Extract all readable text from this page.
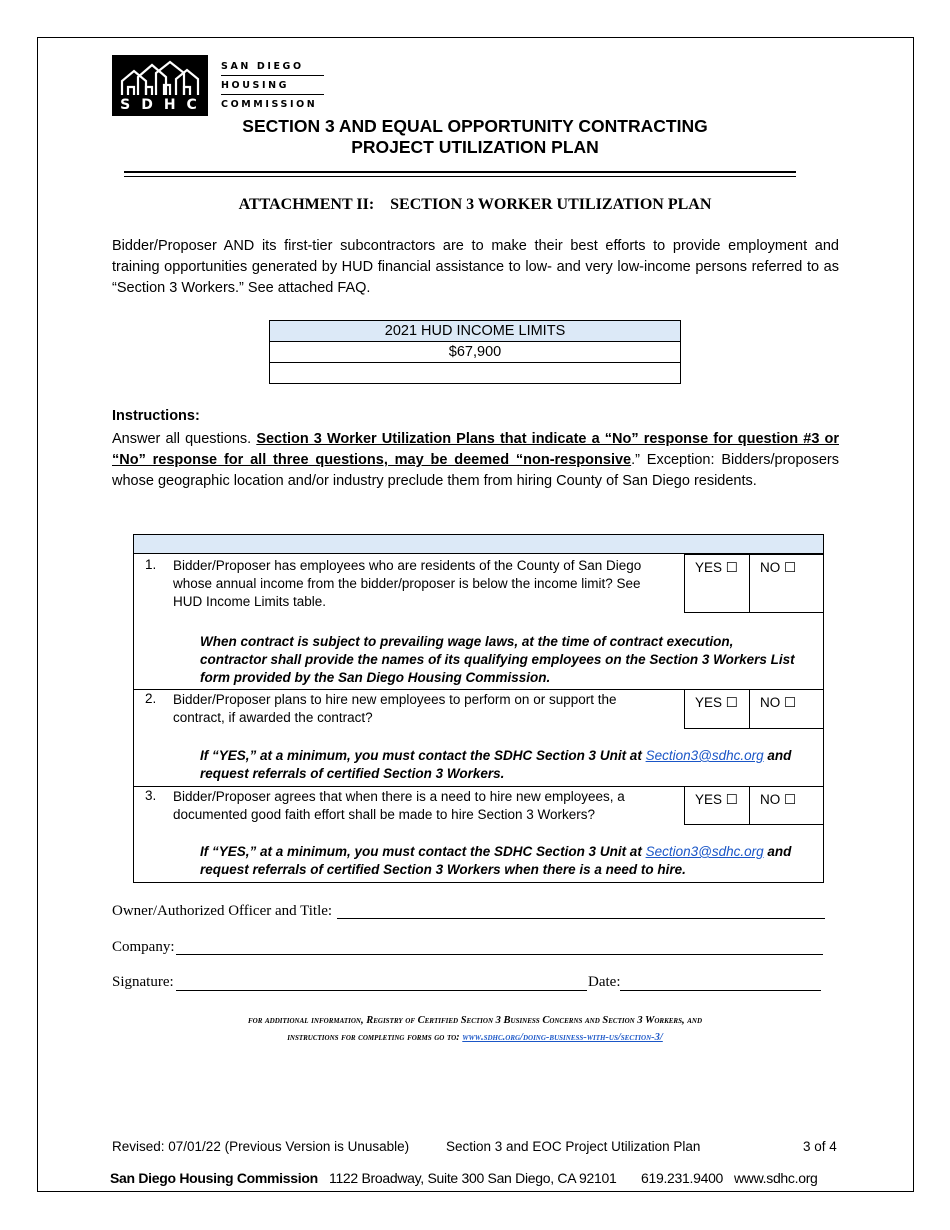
SDHC
SAN DIEGO
HOUSING
COMMISSION
SECTION 3 AND EQUAL OPPORTUNITY CONTRACTING
PROJECT UTILIZATION PLAN
ATTACHMENT II:    SECTION 3 WORKER UTILIZATION PLAN
Bidder/Proposer AND its first-tier subcontractors are to make their best efforts to provide employment and training opportunities generated by HUD financial assistance to low- and very low-income persons referred to as “Section 3 Workers.” See attached FAQ.
2021 HUD INCOME LIMITS
$67,900

Instructions:
Answer all questions. Section 3 Worker Utilization Plans that indicate a “No” response for question #3 or “No” response for all three questions, may be deemed “non-responsive.” Exception: Bidders/proposers whose geographic location and/or industry preclude them from hiring County of San Diego residents.
1. Bidder/Proposer has employees who are residents of the County of San Diego whose annual income from the bidder/proposer is below the income limit? See HUD Income Limits table.
YES ☐	NO ☐
When contract is subject to prevailing wage laws, at the time of contract execution, contractor shall provide the names of its qualifying employees on the Section 3 Workers List form provided by the San Diego Housing Commission.
2. Bidder/Proposer plans to hire new employees to perform on or support the contract, if awarded the contract?
YES ☐	NO ☐
If “YES,” at a minimum, you must contact the SDHC Section 3 Unit at Section3@sdhc.org and request referrals of certified Section 3 Workers.
3. Bidder/Proposer agrees that when there is a need to hire new employees, a documented good faith effort shall be made to hire Section 3 Workers?
YES ☐	NO ☐
If “YES,” at a minimum, you must contact the SDHC Section 3 Unit at Section3@sdhc.org and request referrals of certified Section 3 Workers when there is a need to hire.
Owner/Authorized Officer and Title:
Company:
Signature:	Date:
for additional information, Registry of Certified Section 3 Business Concerns and Section 3 Workers, and
instructions for completing forms go to: www.sdhc.org/doing-business-with-us/section-3/
Revised: 07/01/22 (Previous Version is Unusable)	Section 3 and EOC Project Utilization Plan	3 of 4
San Diego Housing Commission 1122 Broadway, Suite 300 San Diego, CA 92101 619.231.9400 www.sdhc.org
